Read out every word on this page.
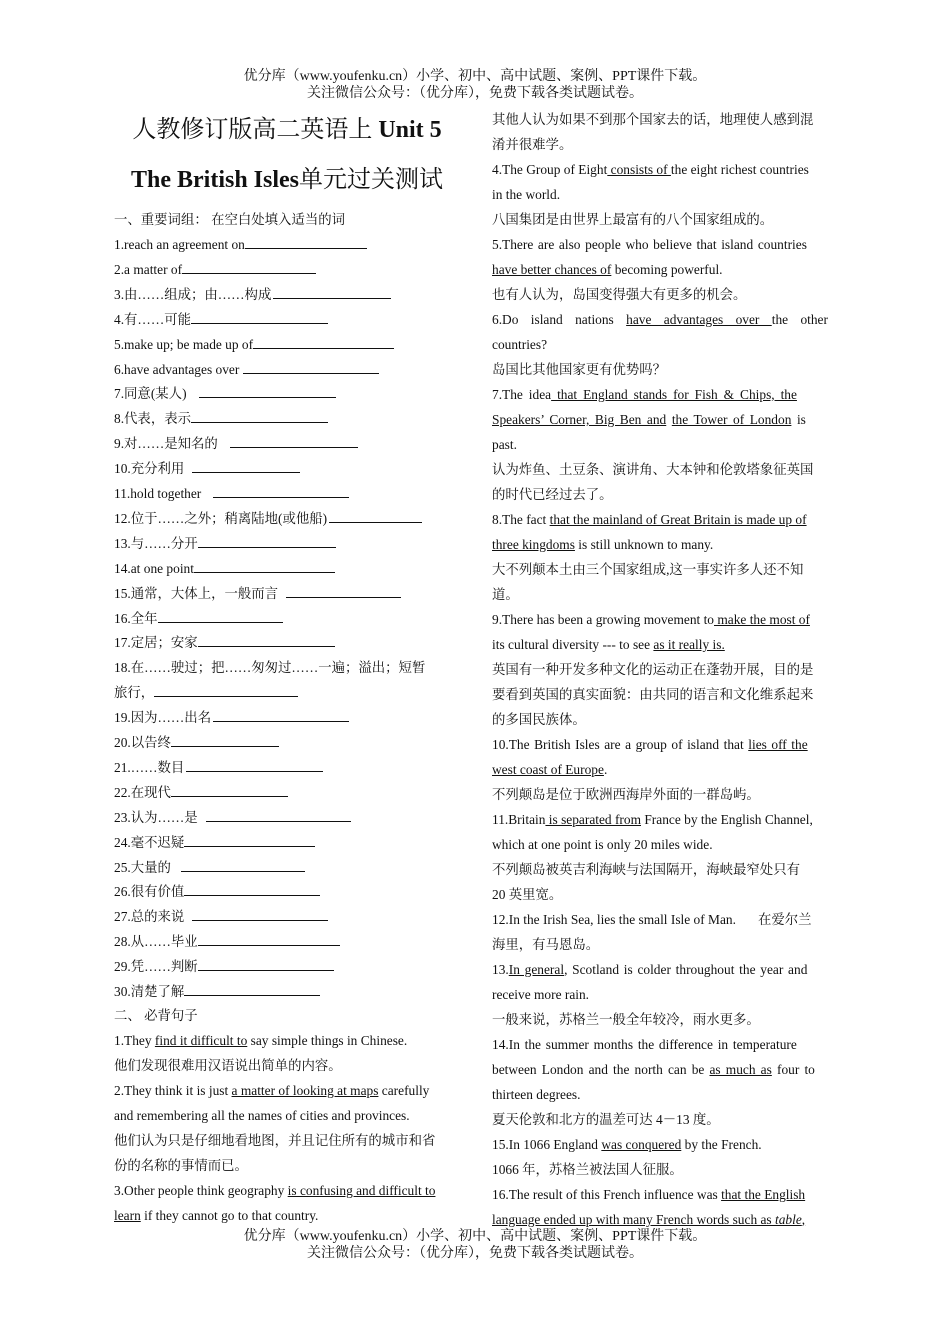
优分库（www.youfenku.cn）小学、初中、高中试题、案例、PPT课件下载。
关注微信公众号：（优分库），免费下载各类试题试卷。
人教修订版高二英语上 Unit 5
The British Isles单元过关测试
一、重要词组： 在空白处填入适当的词
1.reach an agreement on
2.a matter of
3.由……组成；由……构成
4.有……可能
5.make up; be made up of
6.have advantages over
7.同意(某人)
8.代表，表示
9.对……是知名的
10.充分利用
11.hold together
12.位于……之外；稍离陆地(或他船)
13.与……分开
14.at one point
15.通常，大体上，一般而言
16.全年
17.定居；安家
18.在……驶过；把……匆匆过……一遍；溢出；短暂
旅行，
19.因为……出名
20.以告终
21.……数目
22.在现代
23.认为……是
24.毫不迟疑
25.大量的
26.很有价值
27.总的来说
28.从……毕业
29.凭……判断
30.清楚了解
二、 必背句子
1.They find it difficult to say simple things in Chinese.
他们发现很难用汉语说出简单的内容。
2.They think it is just a matter of looking at maps carefully
and remembering all the names of cities and provinces.
他们认为只是仔细地看地图，并且记住所有的城市和省
份的名称的事情而已。
3.Other people think geography is confusing and difficult to
learn if they cannot go to that country.
其他人认为如果不到那个国家去的话，地理使人感到混
淆并很难学。
4.The Group of Eight consists of the eight richest countries
in the world.
八国集团是由世界上最富有的八个国家组成的。
5.There are also people who believe that island countries
have better chances of becoming powerful.
也有人认为，岛国变得强大有更多的机会。
6.Do island nations have advantages over the other
countries?
岛国比其他国家更有优势吗？
7.The idea that England stands for Fish & Chips, the
Speakers’ Corner, Big Ben and the Tower of London is
past.
认为炸鱼、土豆条、演讲角、大本钟和伦敦塔象征英国
的时代已经过去了。
8.The fact that the mainland of Great Britain is made up of
three kingdoms is still unknown to many.
大不列颠本土由三个国家组成,这一事实许多人还不知
道。
9.There has been a growing movement to make the most of
its cultural diversity --- to see as it really is.
英国有一种开发多种文化的运动正在蓬勃开展，目的是
要看到英国的真实面貌：由共同的语言和文化维系起来
的多国民族体。
10.The British Isles are a group of island that lies off the
west coast of Europe.
不列颠岛是位于欧洲西海岸外面的一群岛屿。
11.Britain is separated from France by the English Channel,
which at one point is only 20 miles wide.
不列颠岛被英吉利海峡与法国隔开，海峡最窄处只有
20 英里宽。
12.In the Irish Sea, lies the small Isle of Man. 在爱尔兰
海里，有马恩岛。
13.In general, Scotland is colder throughout the year and
receive more rain.
一般来说，苏格兰一般全年较冷，雨水更多。
14.In the summer months the difference in temperature
between London and the north can be as much as four to
thirteen degrees.
夏天伦敦和北方的温差可达 4－13 度。
15.In 1066 England was conquered by the French.
1066 年，苏格兰被法国人征服。
16.The result of this French influence was that the English
language ended up with many French words such as table,
优分库（www.youfenku.cn）小学、初中、高中试题、案例、PPT课件下载。
关注微信公众号：（优分库），免费下载各类试题试卷。
